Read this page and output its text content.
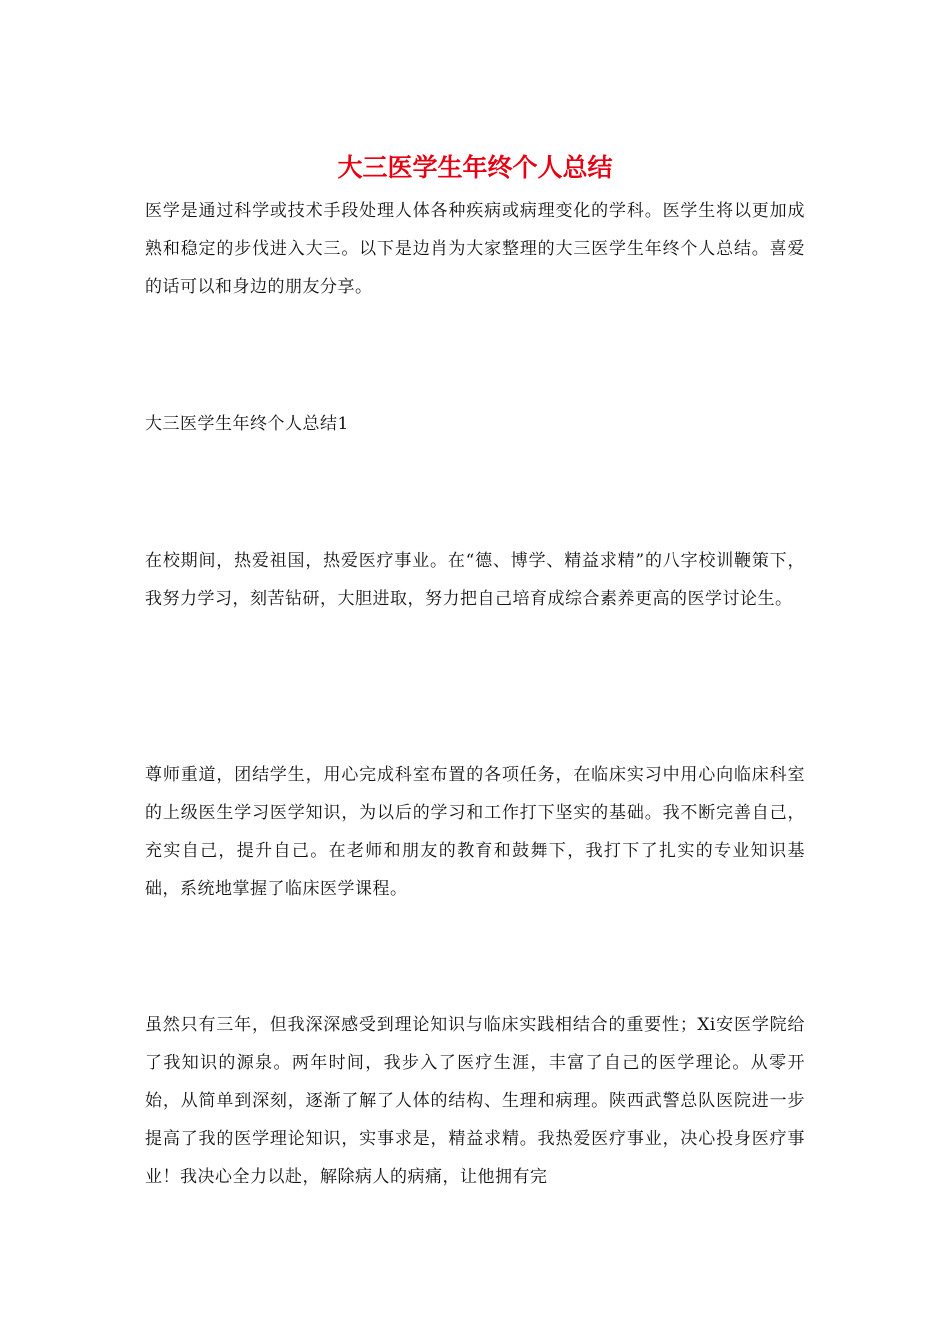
大三医学生年终个人总结

医学是通过科学或技术手段处理人体各种疾病或病理变化的学科。医学生将以更加成熟和稳定的步伐进入大三。以下是边肖为大家整理的大三医学生年终个人总结。喜爱的话可以和身边的朋友分享。

大三医学生年终个人总结1

在校期间，热爱祖国，热爱医疗事业。在“德、博学、精益求精”的八字校训鞭策下，我努力学习，刻苦钻研，大胆进取，努力把自己培育成综合素养更高的医学讨论生。

尊师重道，团结学生，用心完成科室布置的各项任务，在临床实习中用心向临床科室的上级医生学习医学知识，为以后的学习和工作打下坚实的基础。我不断完善自己，充实自己，提升自己。在老师和朋友的教育和鼓舞下，我打下了扎实的专业知识基础，系统地掌握了临床医学课程。

虽然只有三年，但我深深感受到理论知识与临床实践相结合的重要性；Xi安医学院给了我知识的源泉。两年时间，我步入了医疗生涯，丰富了自己的医学理论。从零开始，从简单到深刻，逐渐了解了人体的结构、生理和病理。陕西武警总队医院进一步提高了我的医学理论知识，实事求是，精益求精。我热爱医疗事业，决心投身医疗事业！我决心全力以赴，解除病人的病痛，让他拥有完
